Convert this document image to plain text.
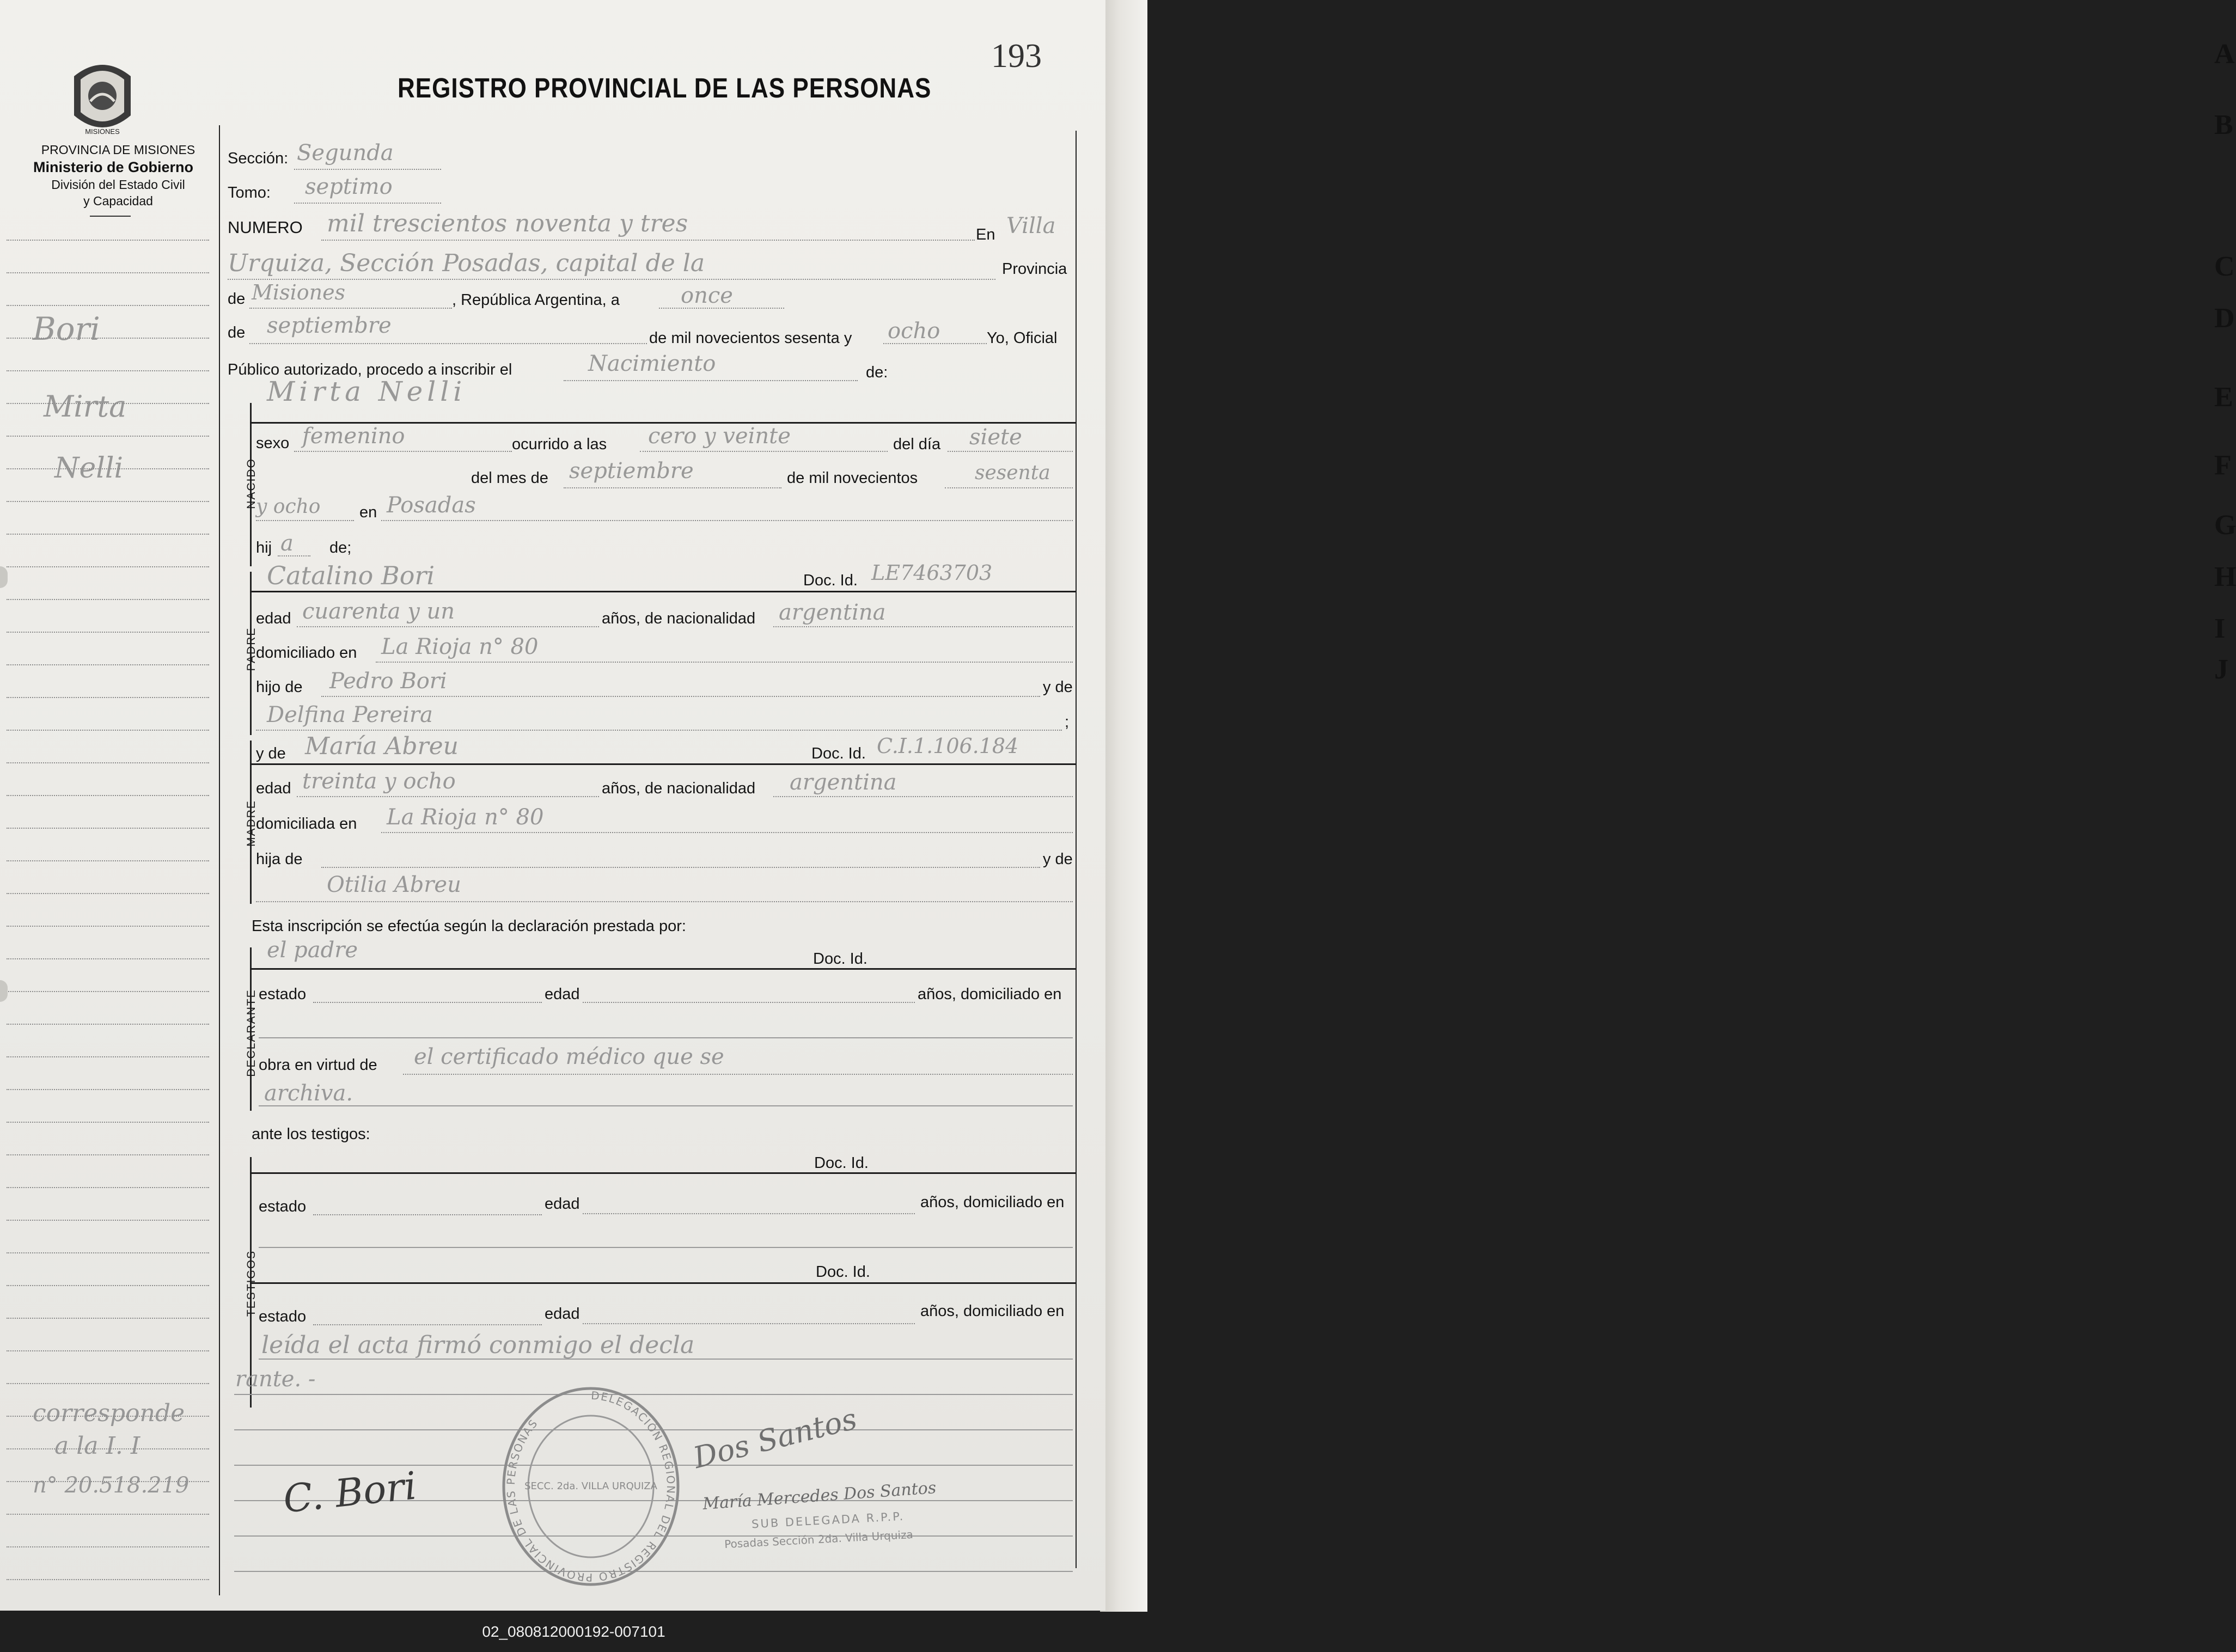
A
B
C
D
E
F
G
H
I
J
193
REGISTRO PROVINCIAL DE LAS PERSONAS
MISIONES
PROVINCIA DE MISIONES
Ministerio de Gobierno
División del Estado Civil
y Capacidad
Bori
Mirta
Nelli
corresponde
a la I. I
n° 20.518.219
Sección: Segunda
Tomo: septimo
NUMERO mil trescientos noventa y tres	En Villa
Urquiza, Sección Posadas, capital de la	Provincia
de Misiones	, República Argentina, a	once
de septiembre	de mil novecientos sesenta y ocho	Yo, Oficial
Público autorizado, procedo a inscribir el	Nacimiento	de:
NACIDO
Mirta Nelli
sexo femenino	ocurrido a las cero y veinte	del día siete
del mes de septiembre	de mil novecientos	sesenta
y ocho en Posadas
hij a de;
PADRE
Catalino Bori	Doc. Id. LE7463703
edad cuarenta y un	años, de nacionalidad argentina
domiciliado en La Rioja n° 80
hijo de Pedro Bori	y de
Delfina Pereira	;
MADRE
y de María Abreu	Doc. Id. C.I.1.106.184
edad treinta y ocho	años, de nacionalidad argentina
domiciliada en La Rioja n° 80
hija de	y de
Otilia Abreu
Esta inscripción se efectúa según la declaración prestada por:
DECLARANTE
el padre	Doc. Id.
estado	edad	años, domiciliado en
obra en virtud de el certificado médico que se
archiva.
ante los testigos:
TESTIGOS
Doc. Id.
estado	edad	años, domiciliado en
Doc. Id.
estado	edad	años, domiciliado en
leída el acta firmó conmigo el decla
rante. -
DELEGACIÓN REGIONAL DEL REGISTRO PROVINCIAL DE LAS PERSONAS
SECC. 2da. VILLA URQUIZA
C. Bori
Dos Santos
María Mercedes Dos Santos
SUB DELEGADA R.P.P.
Posadas Sección 2da. Villa Urquiza
02_080812000192-007101
